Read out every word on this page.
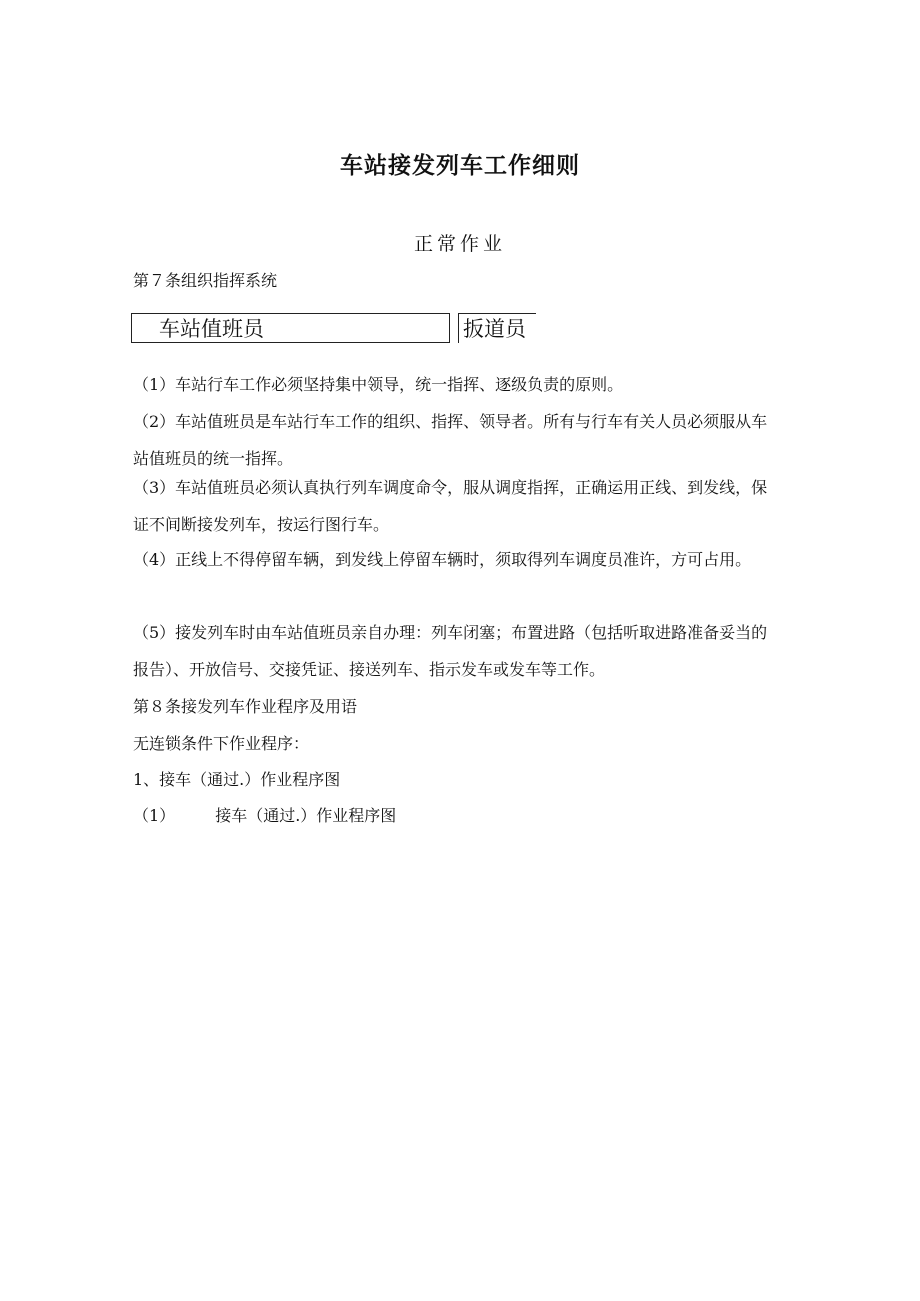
车站接发列车工作细则
正常作业
第７条组织指挥系统
车站值班员	扳道员
（1）车站行车工作必须坚持集中领导，统一指挥、逐级负责的原则。
（2）车站值班员是车站行车工作的组织、指挥、领导者。所有与行车有关人员必须服从车站值班员的统一指挥。
（3）车站值班员必须认真执行列车调度命令，服从调度指挥，正确运用正线、到发线，保证不间断接发列车，按运行图行车。
（4）正线上不得停留车辆，到发线上停留车辆时，须取得列车调度员准许，方可占用。
（5）接发列车时由车站值班员亲自办理：列车闭塞；布置进路（包括听取进路准备妥当的报告）、开放信号、交接凭证、接送列车、指示发车或发车等工作。
第８条接发列车作业程序及用语
无连锁条件下作业程序：
1、接车（通过.）作业程序图
（1）	接车（通过.）作业程序图
